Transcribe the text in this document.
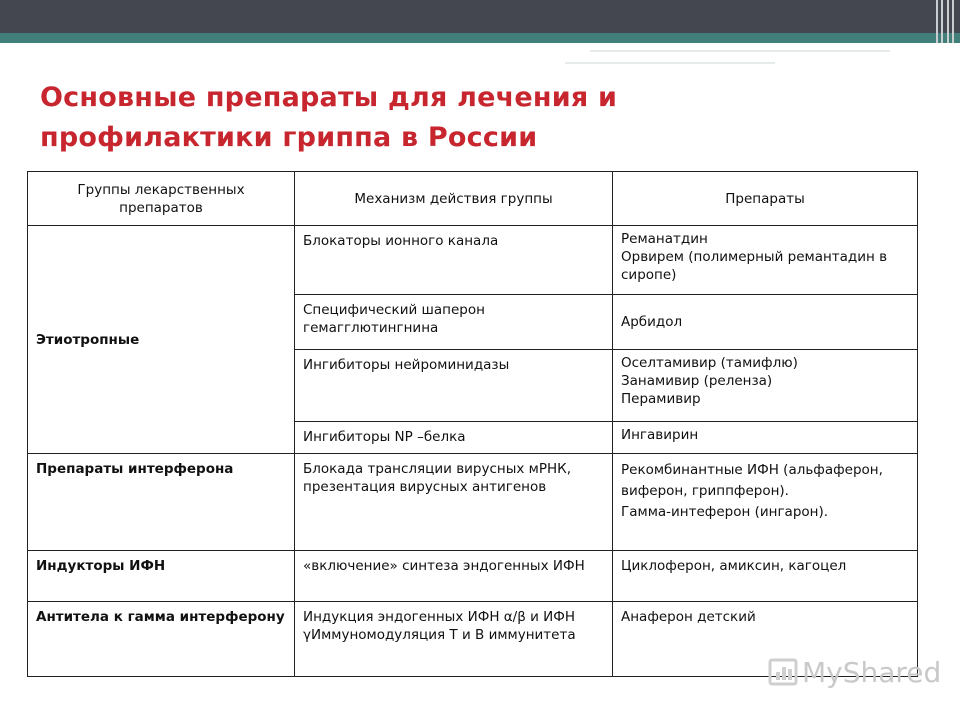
Основные препараты для лечения и профилактики гриппа в России
Группы лекарственных препаратов	Механизм действия группы	Препараты
Этиотропные	Блокаторы ионного канала	Реманатдин
Орвирем (полимерный ремантадин в сиропе)

	Специфический шаперон гемагглютингнина	Арбидол

	Ингибиторы нейроминидазы	Оселтамивир (тамифлю)
Занамивир (реленза)
Перамивир

	Ингибиторы NP –белка	Ингавирин

Препараты интерферона	Блокада трансляции вирусных мРНК, презентация вирусных антигенов	Рекомбинантные ИФН (альфаферон, виферон, гриппферон).
Гамма-интеферон (ингарон).

Индукторы ИФН	«включение» синтеза эндогенных ИФН	Циклоферон, амиксин, кагоцел

Антитела к гамма интерферону	Индукция эндогенных ИФН α/β и ИФН γИммуномодуляция Т и В иммунитета	Анаферон детский
MyShared
